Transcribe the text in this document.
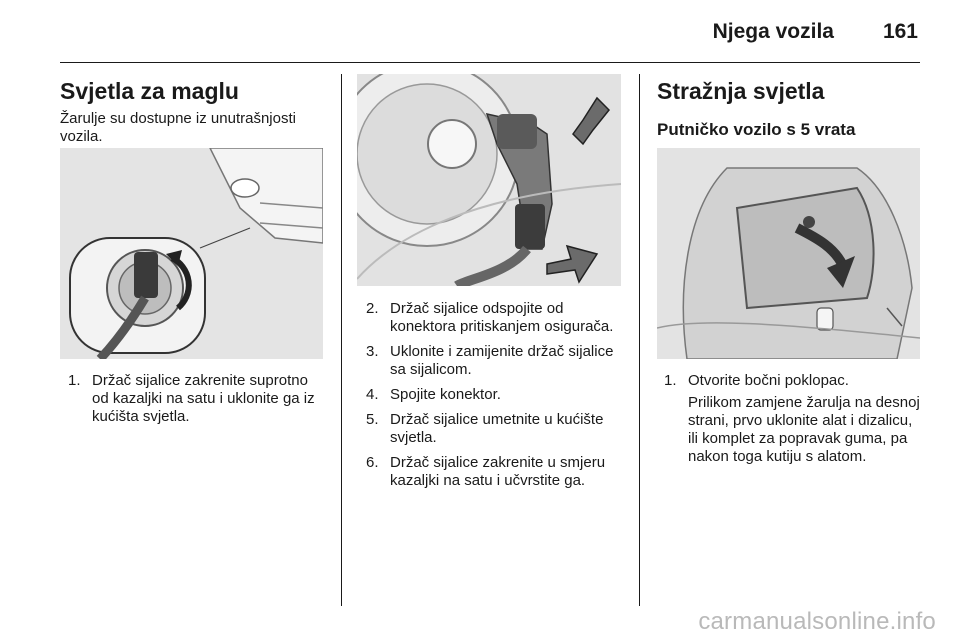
Njega vozila 161
Svjetla za maglu

Žarulje su dostupne iz unutrašnjosti vozila.

1. Držač sijalice zakrenite suprotno od kazaljki na satu i uklonite ga iz kućišta svjetla.
2. Držač sijalice odspojite od konektora pritiskanjem osigurača.
3. Uklonite i zamijenite držač sijalice sa sijalicom.
4. Spojite konektor.
5. Držač sijalice umetnite u kućište svjetla.
6. Držač sijalice zakrenite u smjeru kazaljki na satu i učvrstite ga.
Stražnja svjetla
Putničko vozilo s 5 vrata
1. Otvorite bočni poklopac.
Prilikom zamjene žarulja na desnoj strani, prvo uklonite alat i dizalicu, ili komplet za popravak guma, pa nakon toga kutiju s alatom.
carmanualsonline.info
